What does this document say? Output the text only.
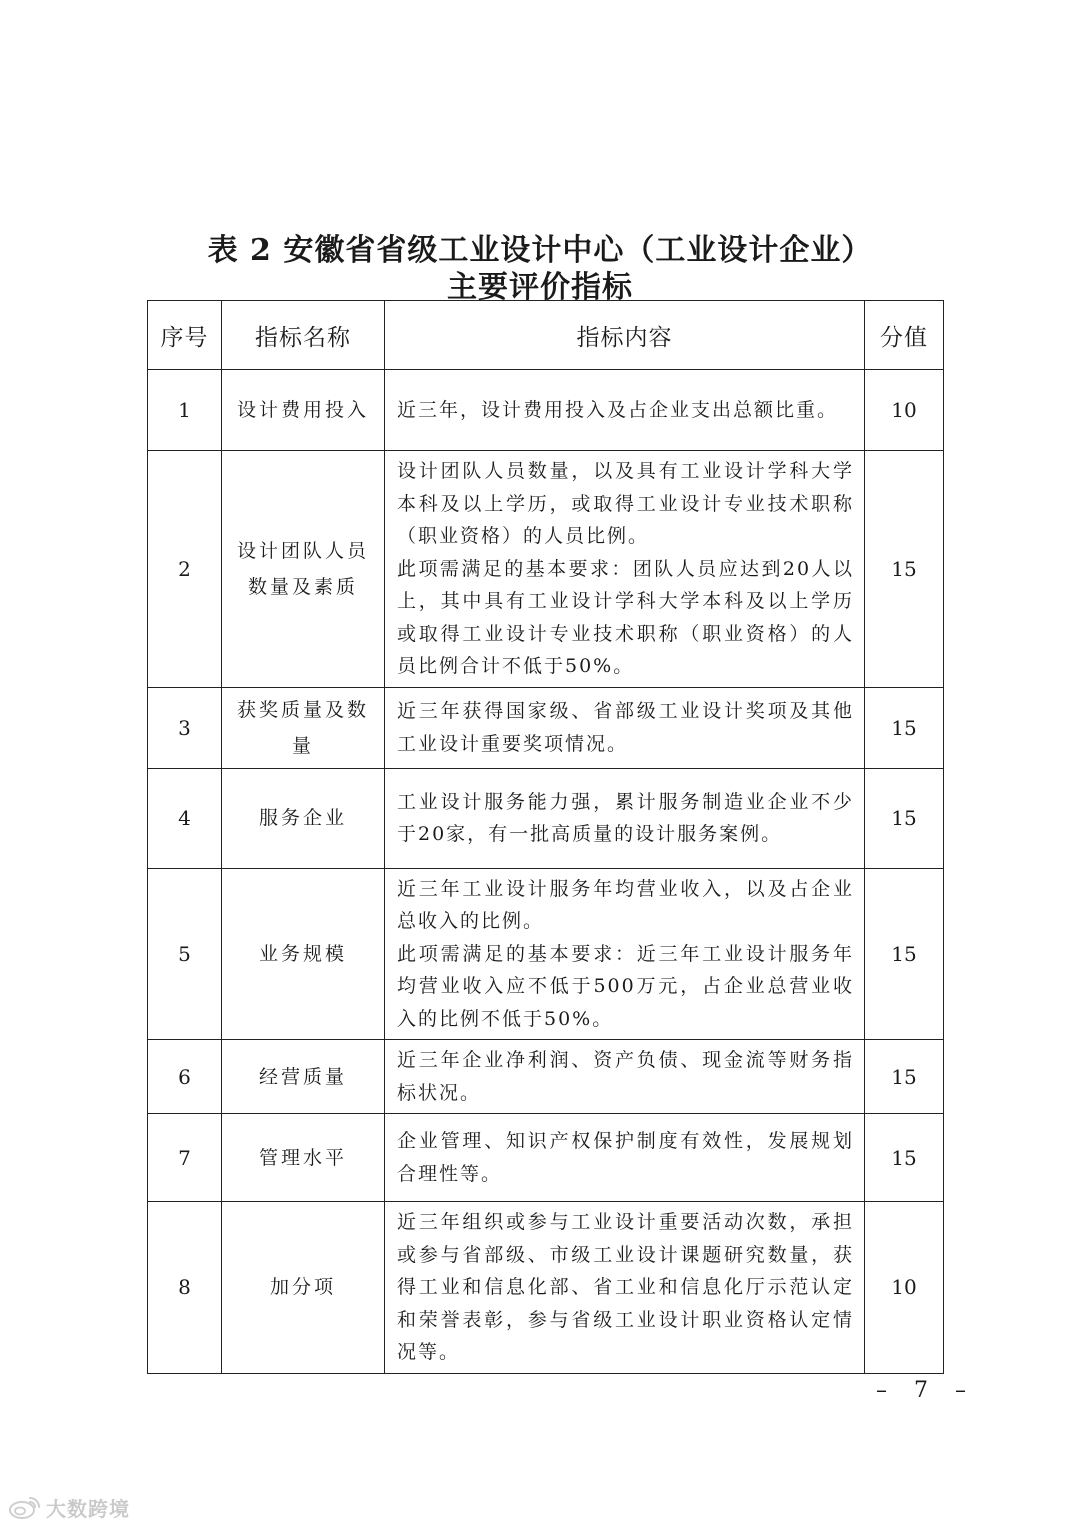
表 2 安徽省省级工业设计中心（工业设计企业）
主要评价指标
序号	指标名称	指标内容	分值
1	设计费用投入	近三年，设计费用投入及占企业支出总额比重。	10
2	设计团队人员数量及素质	设计团队人员数量，以及具有工业设计学科大学本科及以上学历，或取得工业设计专业技术职称（职业资格）的人员比例。
此项需满足的基本要求：团队人员应达到20人以上，其中具有工业设计学科大学本科及以上学历或取得工业设计专业技术职称（职业资格）的人员比例合计不低于50%。	15
3	获奖质量及数量	近三年获得国家级、省部级工业设计奖项及其他工业设计重要奖项情况。	15
4	服务企业	工业设计服务能力强，累计服务制造业企业不少于20家，有一批高质量的设计服务案例。	15
5	业务规模	近三年工业设计服务年均营业收入，以及占企业总收入的比例。
此项需满足的基本要求：近三年工业设计服务年均营业收入应不低于500万元，占企业总营业收入的比例不低于50%。	15
6	经营质量	近三年企业净利润、资产负债、现金流等财务指标状况。	15
7	管理水平	企业管理、知识产权保护制度有效性，发展规划合理性等。	15
8	加分项	近三年组织或参与工业设计重要活动次数，承担或参与省部级、市级工业设计课题研究数量，获得工业和信息化部、省工业和信息化厅示范认定和荣誉表彰，参与省级工业设计职业资格认定情况等。	10
– 7 –
大数跨境
